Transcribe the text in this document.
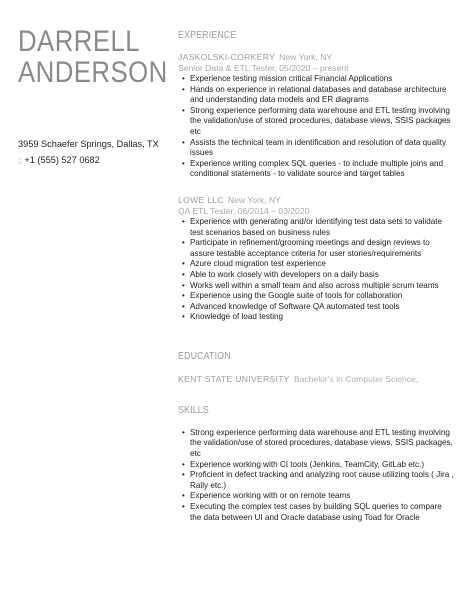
DARRELL
ANDERSON
3959 Schaefer Springs, Dallas, TX
▯ +1 (555) 527 0682
EXPERIENCE
JASKOLSKI-CORKERY New York, NY
Senior Data & ETL Tester, 05/2020 – present
• Experience testing mission critical Financial Applications
• Hands on experience in relational databases and database architecture and understanding data models and ER diagrams
• Strong experience performing data warehouse and ETL testing involving the validation/use of stored procedures, database views, SSIS packages etc
• Assists the technical team in identification and resolution of data quality issues
• Experience writing complex SQL queries - to include multiple joins and conditional statements - to validate source and target tables
LOWE LLC New York, NY
QA ETL Tester, 06/2014 – 03/2020
• Experience with generating and/or identifying test data sets to validate test scenarios based on business rules
• Participate in refinement/grooming meetings and design reviews to assure testable acceptance criteria for user stories/requirements
• Azure cloud migration test experience
• Able to work closely with developers on a daily basis
• Works well within a small team and also across multiple scrum teams
• Experience using the Google suite of tools for collaboration
• Advanced knowledge of Software QA automated test tools
• Knowledge of load testing
EDUCATION
KENT STATE UNIVERSITY Bachelor's in Computer Science,
SKILLS
• Strong experience performing data warehouse and ETL testing involving the validation/use of stored procedures, database views, SSIS packages, etc
• Experience working with CI tools (Jenkins, TeamCity, GitLab etc.)
• Proficient in defect tracking and analyzing root cause utilizing tools ( Jira , Rally etc.)
• Experience working with or on remote teams
• Executing the complex test cases by building SQL queries to compare the data between UI and Oracle database using Toad for Oracle
